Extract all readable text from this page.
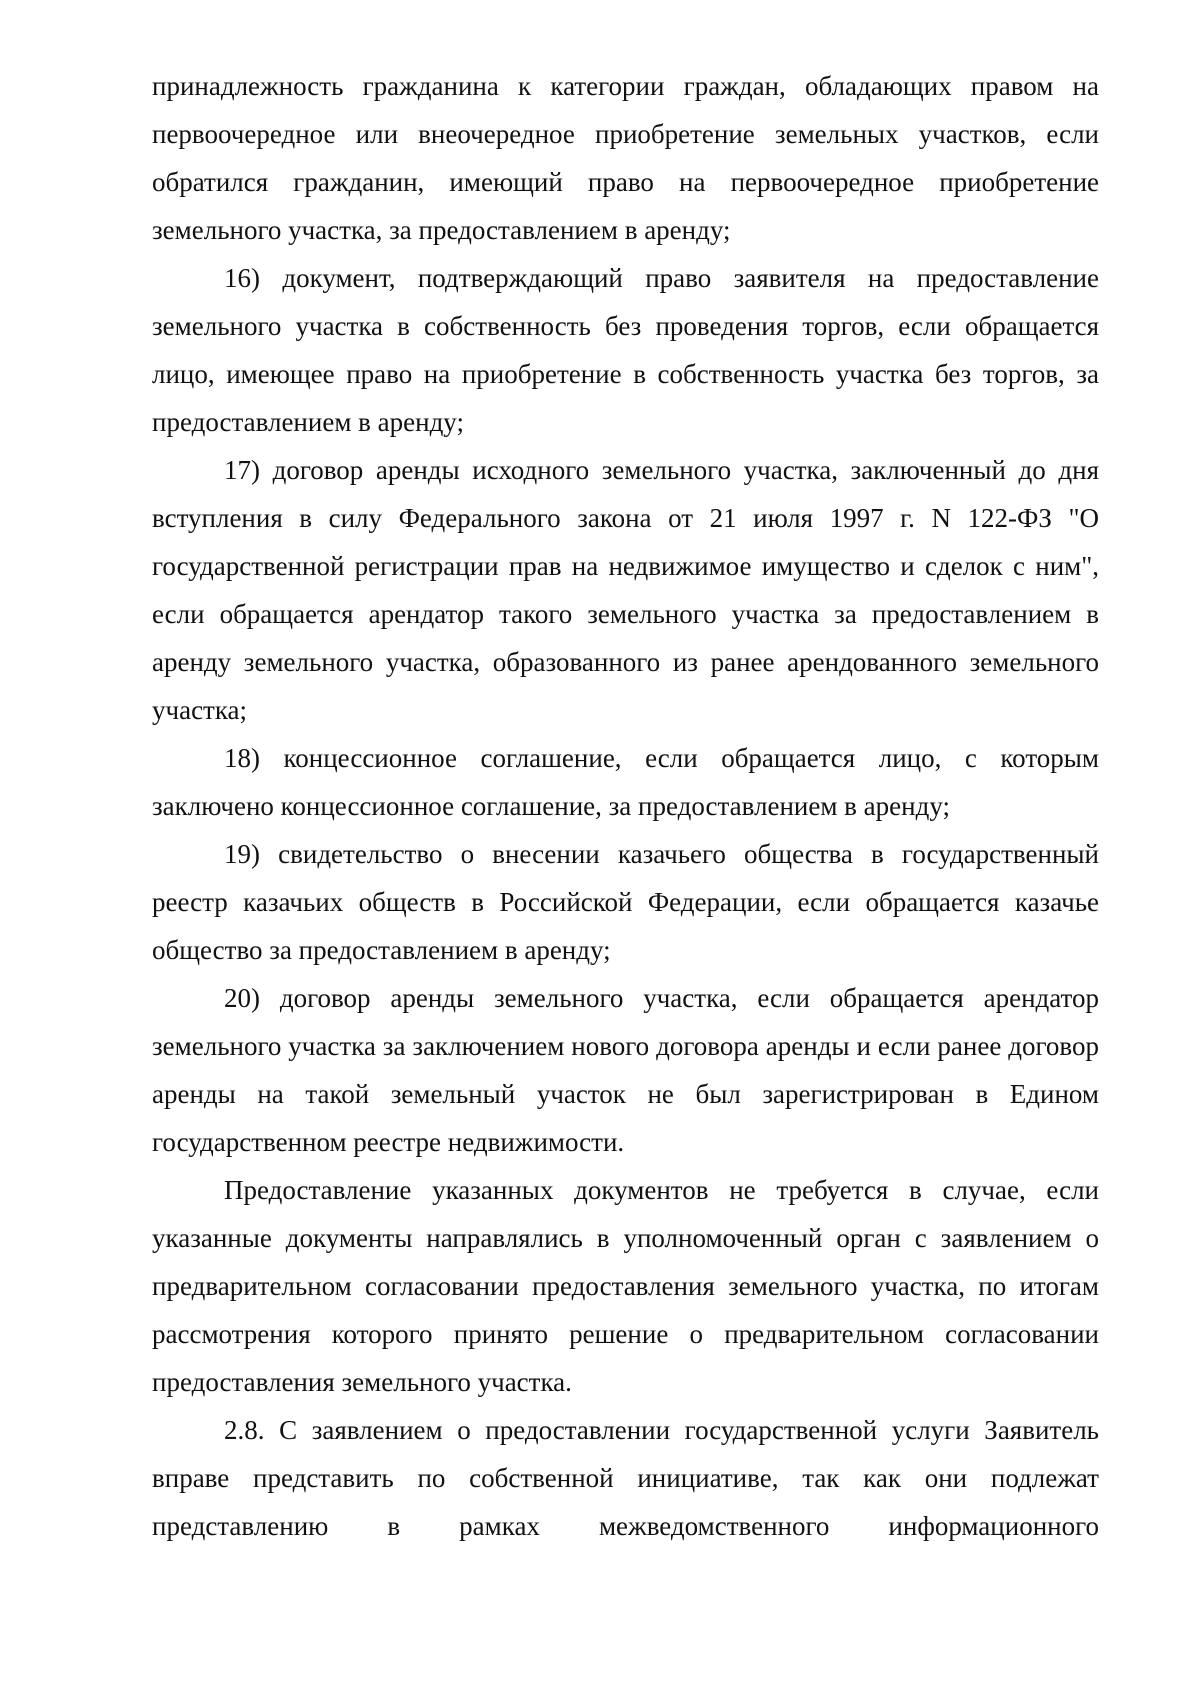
принадлежность гражданина к категории граждан, обладающих правом на первоочередное или внеочередное приобретение земельных участков, если обратился гражданин, имеющий право на первоочередное приобретение земельного участка, за предоставлением в аренду;

16) документ, подтверждающий право заявителя на предоставление земельного участка в собственность без проведения торгов, если обращается лицо, имеющее право на приобретение в собственность участка без торгов, за предоставлением в аренду;

17) договор аренды исходного земельного участка, заключенный до дня вступления в силу Федерального закона от 21 июля 1997 г. N 122-ФЗ "О государственной регистрации прав на недвижимое имущество и сделок с ним", если обращается арендатор такого земельного участка за предоставлением в аренду земельного участка, образованного из ранее арендованного земельного участка;

18) концессионное соглашение, если обращается лицо, с которым заключено концессионное соглашение, за предоставлением в аренду;

19) свидетельство о внесении казачьего общества в государственный реестр казачьих обществ в Российской Федерации, если обращается казачье общество за предоставлением в аренду;

20) договор аренды земельного участка, если обращается арендатор земельного участка за заключением нового договора аренды и если ранее договор аренды на такой земельный участок не был зарегистрирован в Едином государственном реестре недвижимости.

Предоставление указанных документов не требуется в случае, если указанные документы направлялись в уполномоченный орган с заявлением о предварительном согласовании предоставления земельного участка, по итогам рассмотрения которого принято решение о предварительном согласовании предоставления земельного участка.

2.8. С заявлением о предоставлении государственной услуги Заявитель вправе представить по собственной инициативе, так как они подлежат представлению в рамках межведомственного информационного
